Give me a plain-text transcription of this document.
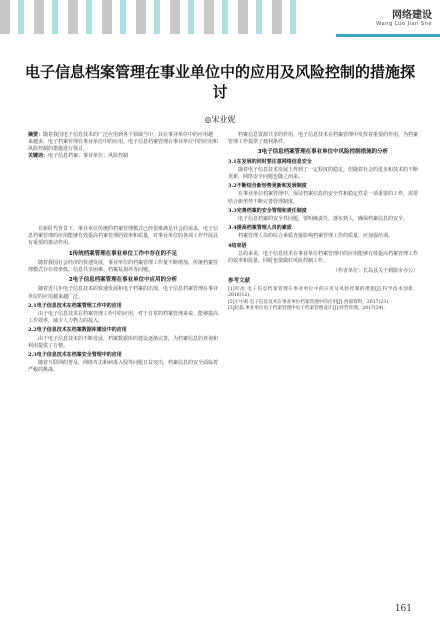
网络建设
Wang Luo Jian She
电子信息档案管理在事业单位中的应用及风险控制的措施探讨
◎宋业妮
摘要：随着我国电子信息技术的广泛应用到各个领域当中，其在事业单位中的应用越来越多，电子档案管理在事业单位中的应用，电子信息档案管理在事业单位中的应用和风险控制的措施进行探讨。
关键词：电子信息档案；事业单位；风险控制
在新时代背景下，事业单位传统的档案管理模式已经很难满足社会的需求，电子信息档案管理的应用能够有效提高档案管理的效率和质量，对事业单位的各项工作开展具有重要的推动作用。
1传统档案管理在事业单位工作中存在的不足
随着我国社会经济的快速发展，事业单位的档案管理工作量不断增加，传统档案管理模式存在效率低、信息共享困难、档案易损坏等问题。
2电子信息档案管理在事业单位中应用的分析
随着近几年电子信息技术的快速发展和电子档案的出现，电子信息档案管理在事业单位的应用越来越广泛。
2.1电子信息技术在档案管理工作中的应用
由于电子信息技术在档案管理工作中的应用，对于日常的档案管理来说，能够提高工作效率，减少人力物力的投入。
2.2电子信息技术在档案数据库建设中的应用
由于电子信息技术的不断发展，档案数据库的建设逐渐完善，为档案信息的查询和利用提供了方便。
2.3电子信息技术在档案安全管理中的应用
随着互联网的普及，网络攻击和病毒入侵等问题日益突出，档案信息的安全面临着严峻的挑战。
档案信息资源共享的作用，电子信息技术在档案管理中发挥着重要的作用，为档案管理工作提供了便利条件。
3电子信息档案管理在事业单位中风险控制措施的分析
3.1在发展的同时要注意网络信息安全
随着电子信息技术发展上得到了一定程度的稳定，但随着社会的进步和技术的不断更新，网络安全问题也随之而来。
3.2不断结合新形势更新和发展制度
在事业单位档案管理中，保证档案信息的安全性和稳定性是一项重要的工作，需要结合新形势不断完善管理制度。
3.3完善档案的安全管理和责任制度
电子信息档案的安全性问题，要明确责任，落实到人，确保档案信息的安全。
3.4提高档案管理人员的素质
档案管理人员的综合素质直接影响档案管理工作的质量，应加强培训。
4结束语
总的来说，电子信息技术在事业单位档案管理中的应用能够有效提高档案管理工作的效率和质量，同时也要做好风险控制工作。
（作者单位：长岛县关于到限市办公）
参考文献
[1]叶冰.电子信息档案管理在事业单位中的应用及风险控制的措施[J].科学技术创新，2016(12).
[2]王中莉.电子信息技术在事业单位档案管理中的应用[J].西部资料，2017(23).
[3]赵磊.事业单位电子档案管理中电子档案管理设计[J].经营管理，2017(24).
161
